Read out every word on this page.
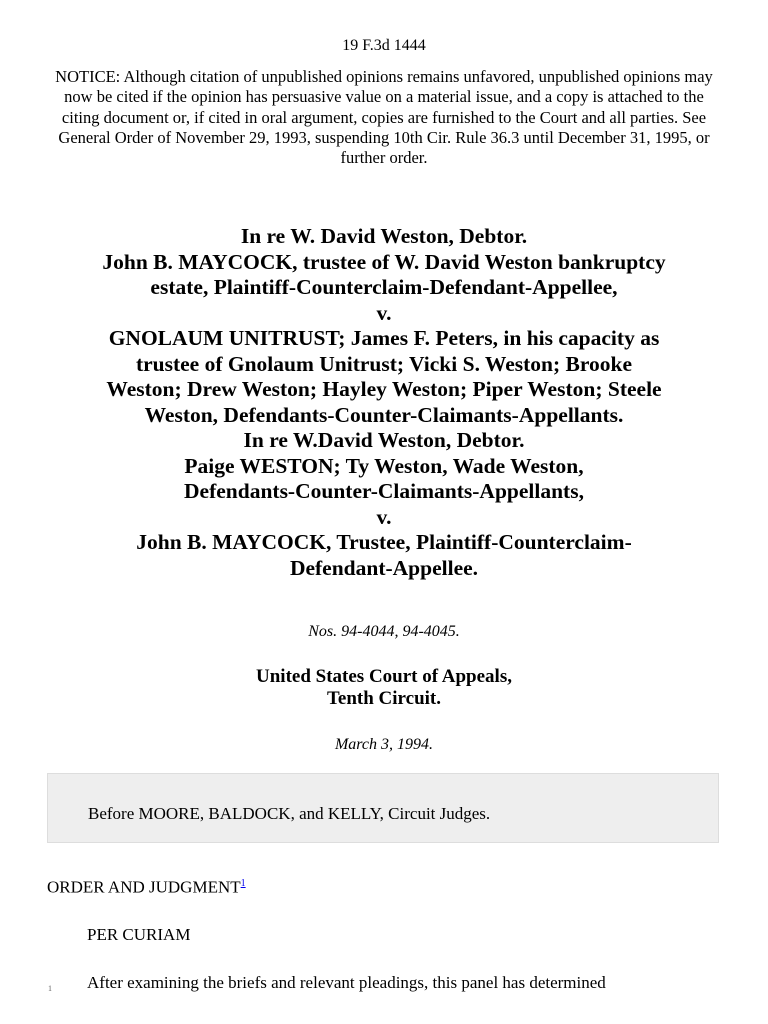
19 F.3d 1444
NOTICE: Although citation of unpublished opinions remains unfavored, unpublished opinions may now be cited if the opinion has persuasive value on a material issue, and a copy is attached to the citing document or, if cited in oral argument, copies are furnished to the Court and all parties. See General Order of November 29, 1993, suspending 10th Cir. Rule 36.3 until December 31, 1995, or further order.
In re W. David Weston, Debtor.
John B. MAYCOCK, trustee of W. David Weston bankruptcy
estate, Plaintiff-Counterclaim-Defendant-Appellee,
v.
GNOLAUM UNITRUST; James F. Peters, in his capacity as
trustee of Gnolaum Unitrust; Vicki S. Weston; Brooke
Weston; Drew Weston; Hayley Weston; Piper Weston; Steele
Weston, Defendants-Counter-Claimants-Appellants.
In re W.David Weston, Debtor.
Paige WESTON; Ty Weston, Wade Weston,
Defendants-Counter-Claimants-Appellants,
v.
John B. MAYCOCK, Trustee, Plaintiff-Counterclaim-
Defendant-Appellee.
Nos. 94-4044, 94-4045.
United States Court of Appeals,
Tenth Circuit.
March 3, 1994.
Before MOORE, BALDOCK, and KELLY, Circuit Judges.
ORDER AND JUDGMENT$^1$
PER CURIAM
1 After examining the briefs and relevant pleadings, this panel has determined
